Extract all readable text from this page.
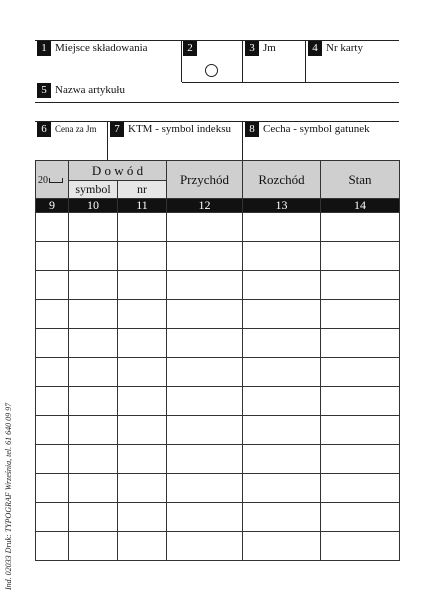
1 Miejsce składowania	2	3 Jm	4 Nr karty
5 Nazwa artykułu
6 Cena za Jm	7 KTM - symbol indeksu	8 Cecha - symbol gatunek
20	D o w ó d		Przychód	Rozchód	Stan
	symbol	nr			
9	10	11	12	13	14

Ind. 02033 Druk: TYPOGRAF Września, tel. 61 640 09 97
